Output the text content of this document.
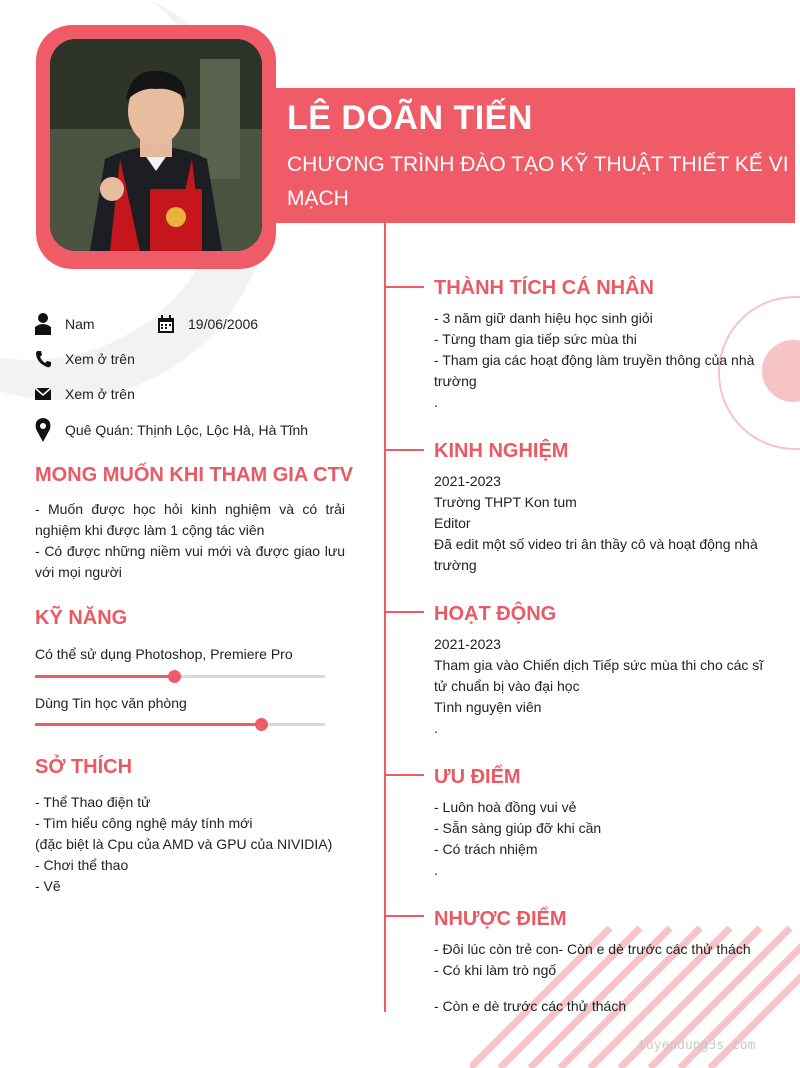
LÊ DOÃN TIẾN
CHƯƠNG TRÌNH ĐÀO TẠO KỸ THUẬT THIẾT KẾ VI MẠCH
Nam	19/06/2006
Xem ở trên
Xem ở trên
Quê Quán: Thịnh Lộc, Lộc Hà, Hà Tĩnh
MONG MUỐN KHI THAM GIA CTV
- Muốn được học hỏi kinh nghiệm và có trải nghiệm khi được làm 1 cộng tác viên
- Có được những niềm vui mới và được giao lưu với mọi người
KỸ NĂNG
Có thể sử dụng Photoshop, Premiere Pro
Dùng Tin học văn phòng
SỞ THÍCH
- Thể Thao điện tử
- Tìm hiểu công nghệ máy tính mới
(đặc biệt là Cpu của AMD và GPU của NIVIDIA)
- Chơi thể thao
- Vẽ
THÀNH TÍCH CÁ NHÂN
- 3 năm giữ danh hiệu học sinh giỏi
- Từng tham gia tiếp sức mùa thi
- Tham gia các hoạt động làm truyền thông của nhà trường
.
KINH NGHIỆM
2021-2023
Trường THPT Kon tum
Editor
Đã edit một số video tri ân thầy cô và hoạt động nhà trường
HOẠT ĐỘNG
2021-2023
Tham gia vào Chiến dịch Tiếp sức mùa thi cho các sĩ tử chuẩn bị vào đại học
Tình nguyện viên
.
ƯU ĐIỂM
- Luôn hoà đồng vui vẻ
- Sẵn sàng giúp đỡ khi cần
- Có trách nhiệm
.
NHƯỢC ĐIỂM
- Đôi lúc còn trẻ con- Còn e dè trước các thử thách
- Có khi làm trò ngố
- Còn e dè trước các thử thách
tuyendung3s.com
